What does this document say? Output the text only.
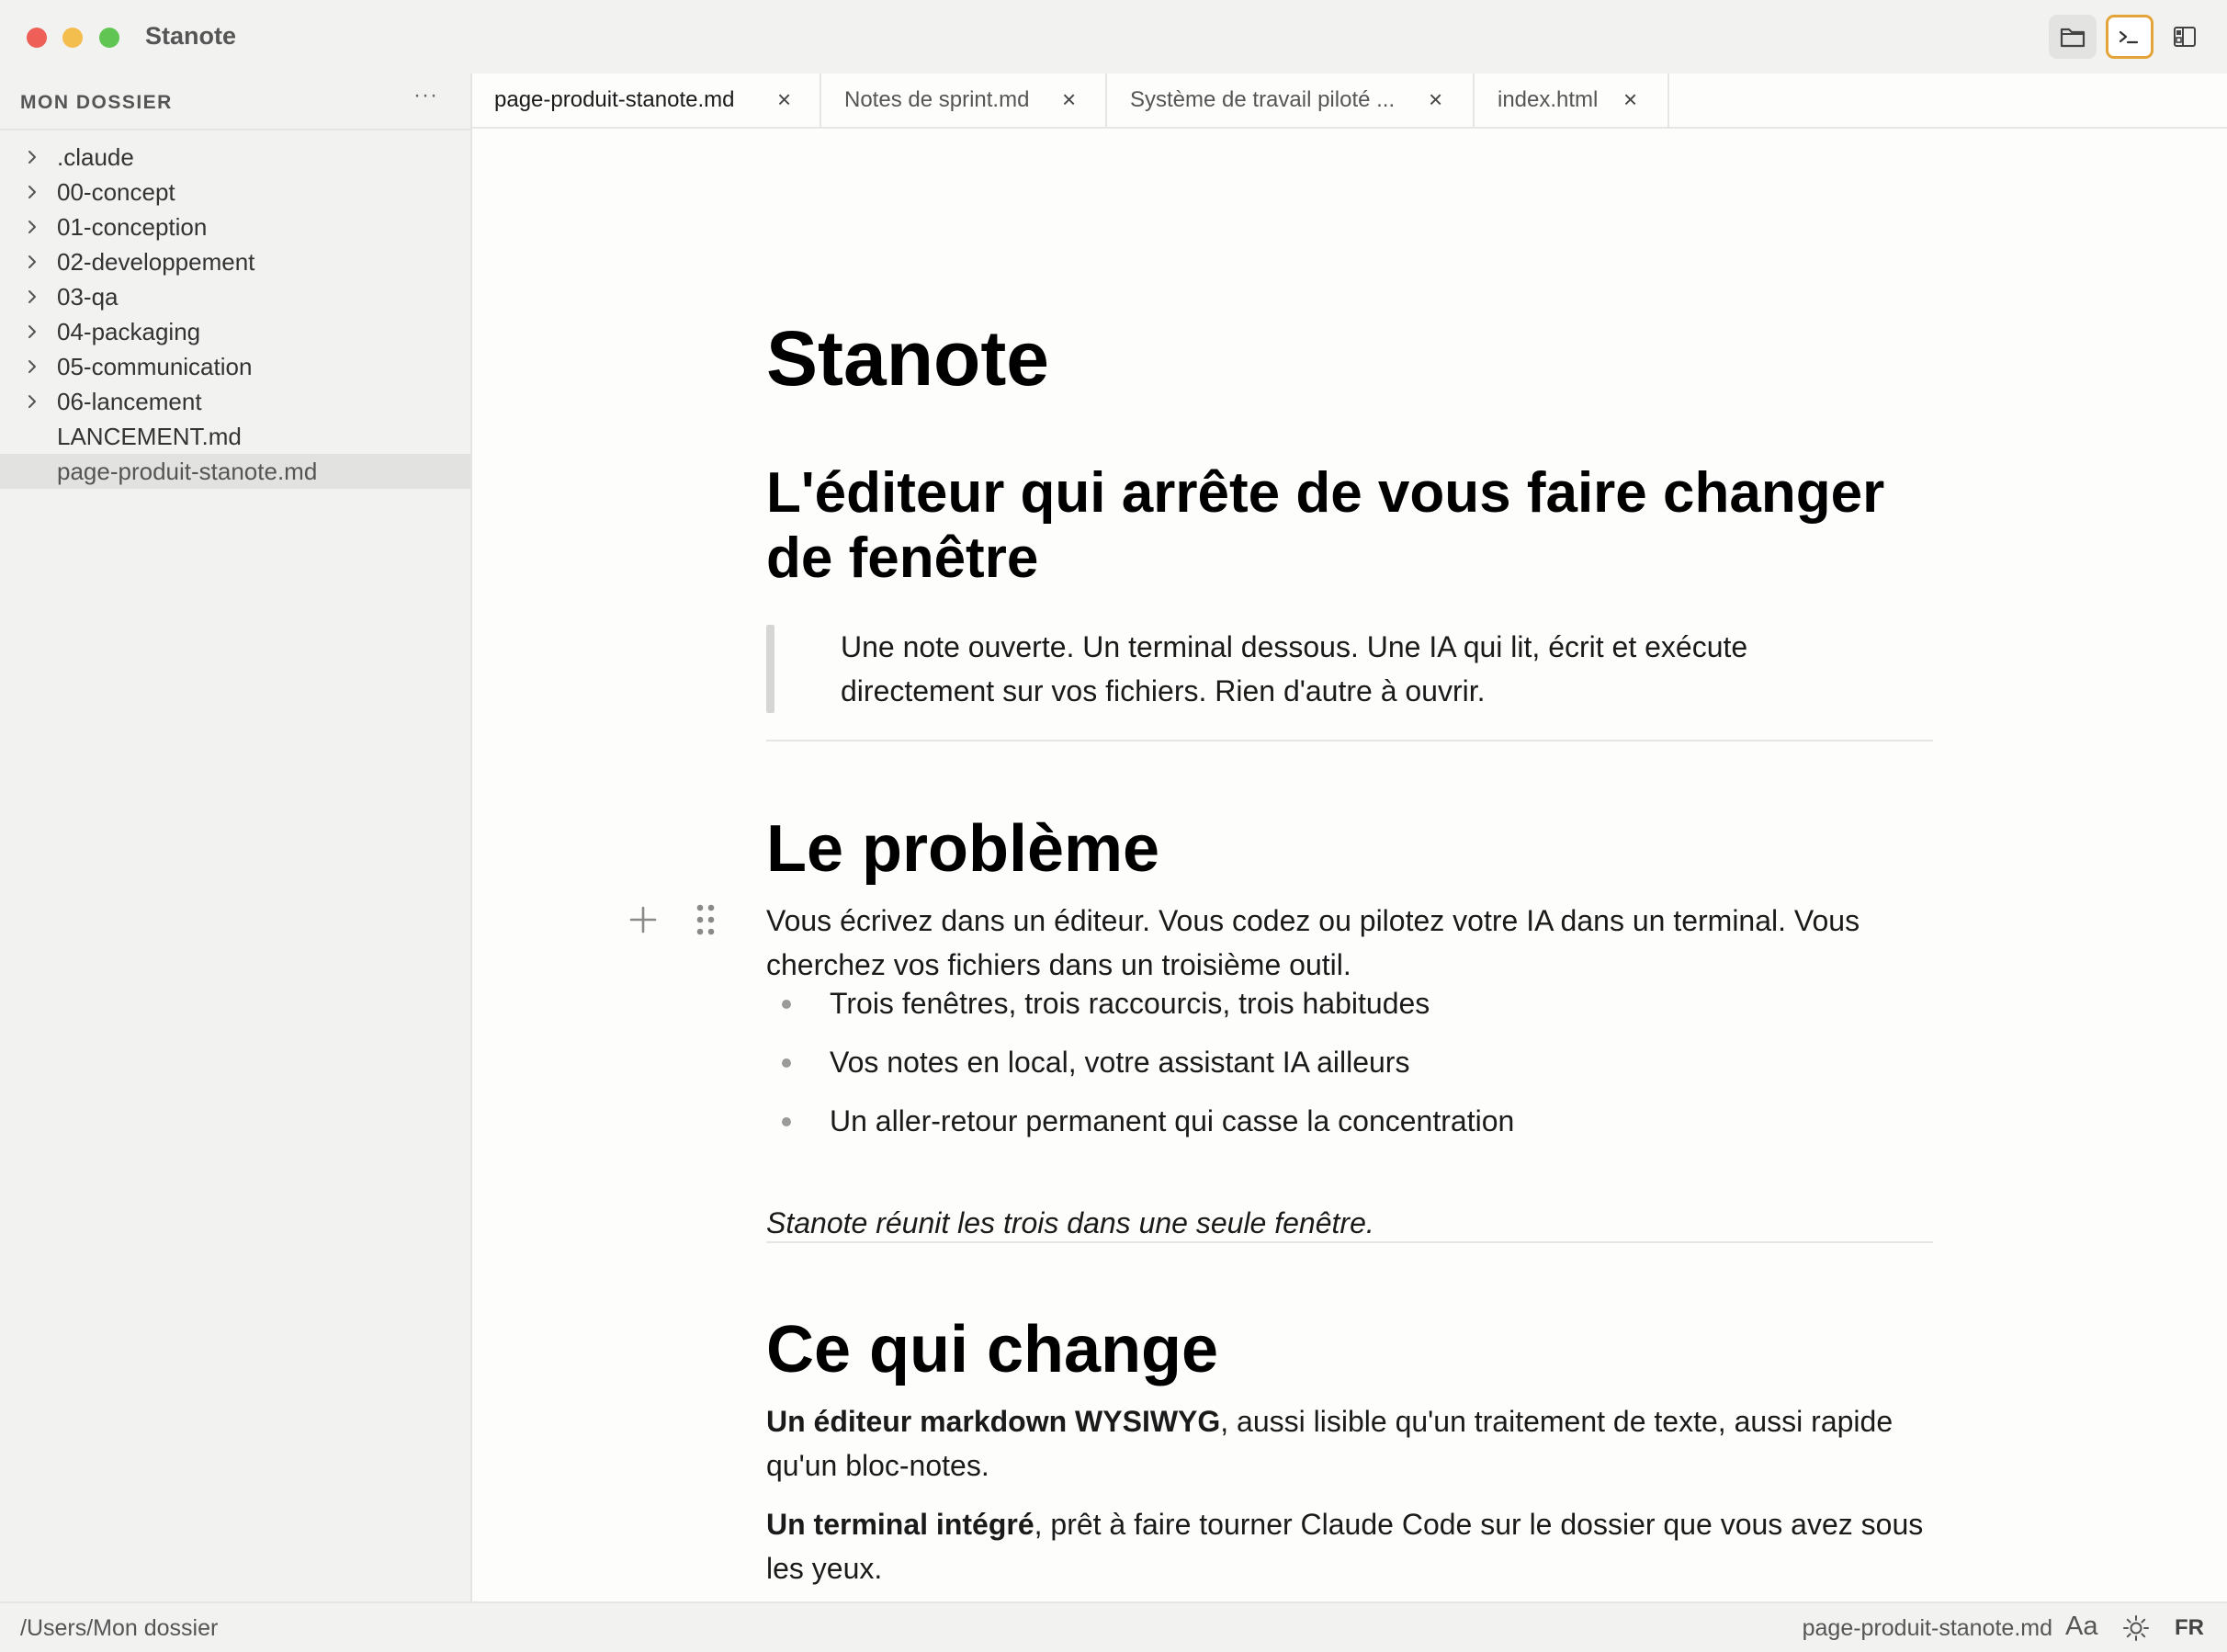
Stanote
MON DOSSIER	···
.claude
00-concept
01-conception
02-developpement
03-qa
04-packaging
05-communication
06-lancement
LANCEMENT.md
page-produit-stanote.md
page-produit-stanote.md × Notes de sprint.md × Système de travail piloté ... × index.html ×
Stanote
L'éditeur qui arrête de vous faire changer de fenêtre
Une note ouverte. Un terminal dessous. Une IA qui lit, écrit et exécute directement sur vos fichiers. Rien d'autre à ouvrir.
Le problème

Vous écrivez dans un éditeur. Vous codez ou pilotez votre IA dans un terminal. Vous cherchez vos fichiers dans un troisième outil.

Trois fenêtres, trois raccourcis, trois habitudes
Vos notes en local, votre assistant IA ailleurs
Un aller-retour permanent qui casse la concentration

Stanote réunit les trois dans une seule fenêtre.

Ce qui change

Un éditeur markdown WYSIWYG, aussi lisible qu'un traitement de texte, aussi rapide qu'un bloc-notes.

Un terminal intégré, prêt à faire tourner Claude Code sur le dossier que vous avez sous les yeux.

/Users/Mon dossier	page-produit-stanote.md Aa	FR
